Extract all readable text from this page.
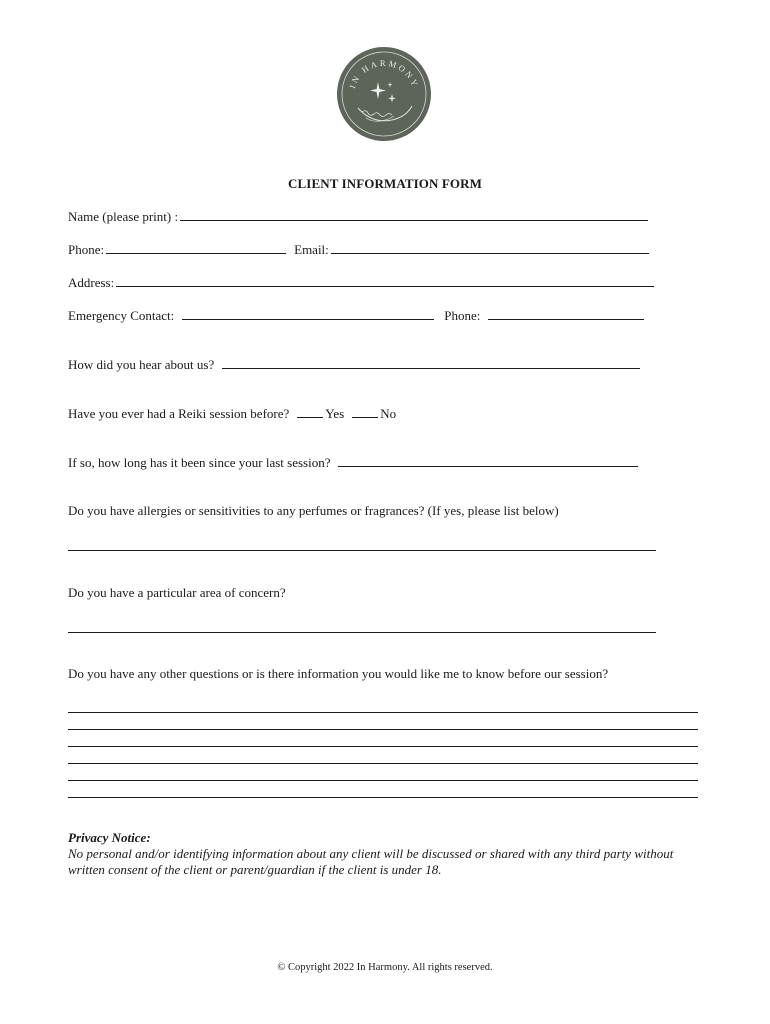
IN HARMONY
CLIENT INFORMATION FORM
Name (please print) :
Phone:	Email:
Address:
Emergency Contact:	Phone:
How did you hear about us?
Have you ever had a Reiki session before?	Yes	No
If so, how long has it been since your last session?
Do you have allergies or sensitivities to any perfumes or fragrances? (If yes, please list below)
Do you have a particular area of concern?
Do you have any other questions or is there information you would like me to know before our session?
Privacy Notice:
No personal and/or identifying information about any client will be discussed or shared with any third party without written consent of the client or parent/guardian if the client is under 18.
© Copyright 2022 In Harmony. All rights reserved.
